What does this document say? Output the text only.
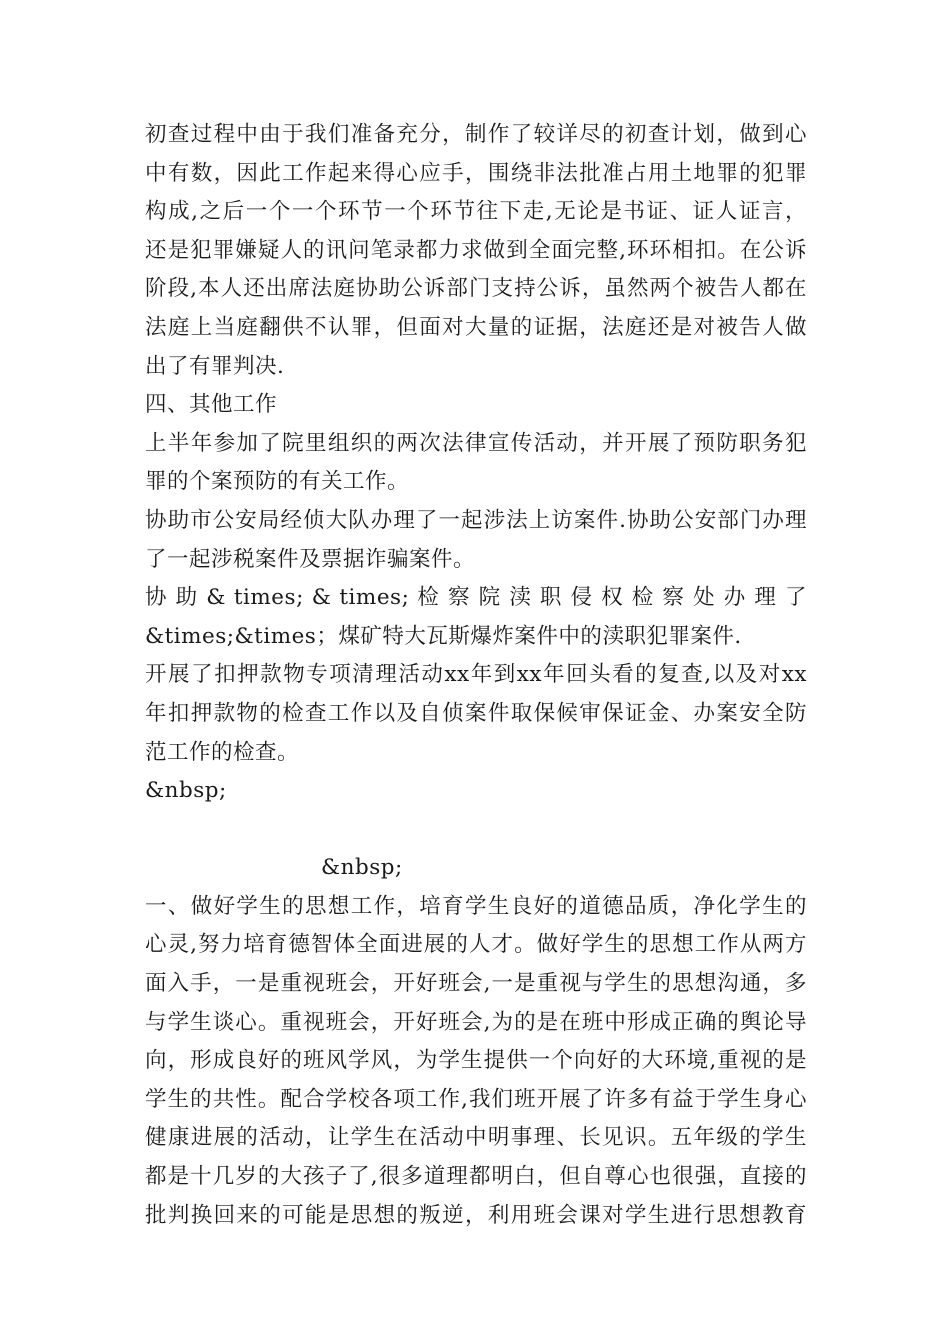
初查过程中由于我们准备充分，制作了较详尽的初查计划，做到心
中有数，因此工作起来得心应手，围绕非法批准占用土地罪的犯罪
构成,之后一个一个环节一个环节往下走,无论是书证、证人证言，
还是犯罪嫌疑人的讯问笔录都力求做到全面完整,环环相扣。在公诉
阶段,本人还出席法庭协助公诉部门支持公诉，虽然两个被告人都在
法庭上当庭翻供不认罪，但面对大量的证据，法庭还是对被告人做
出了有罪判决.
四、其他工作
上半年参加了院里组织的两次法律宣传活动，并开展了预防职务犯
罪的个案预防的有关工作。
协助市公安局经侦大队办理了一起涉法上访案件.协助公安部门办理
了一起涉税案件及票据诈骗案件。
协 助 & times; & times; 检 察 院 渎 职 侵 权 检 察 处 办 理 了
&times;&times；煤矿特大瓦斯爆炸案件中的渎职犯罪案件.
开展了扣押款物专项清理活动xx年到xx年回头看的复查,以及对xx
年扣押款物的检查工作以及自侦案件取保候审保证金、办案安全防
范工作的检查。
&nbsp;
&nbsp;
一、做好学生的思想工作，培育学生良好的道德品质，净化学生的
心灵,努力培育德智体全面进展的人才。做好学生的思想工作从两方
面入手，一是重视班会，开好班会,一是重视与学生的思想沟通，多
与学生谈心。重视班会，开好班会,为的是在班中形成正确的舆论导
向，形成良好的班风学风，为学生提供一个向好的大环境,重视的是
学生的共性。配合学校各项工作,我们班开展了许多有益于学生身心
健康进展的活动，让学生在活动中明事理、长见识。五年级的学生
都是十几岁的大孩子了,很多道理都明白，但自尊心也很强，直接的
批判换回来的可能是思想的叛逆，利用班会课对学生进行思想教育
